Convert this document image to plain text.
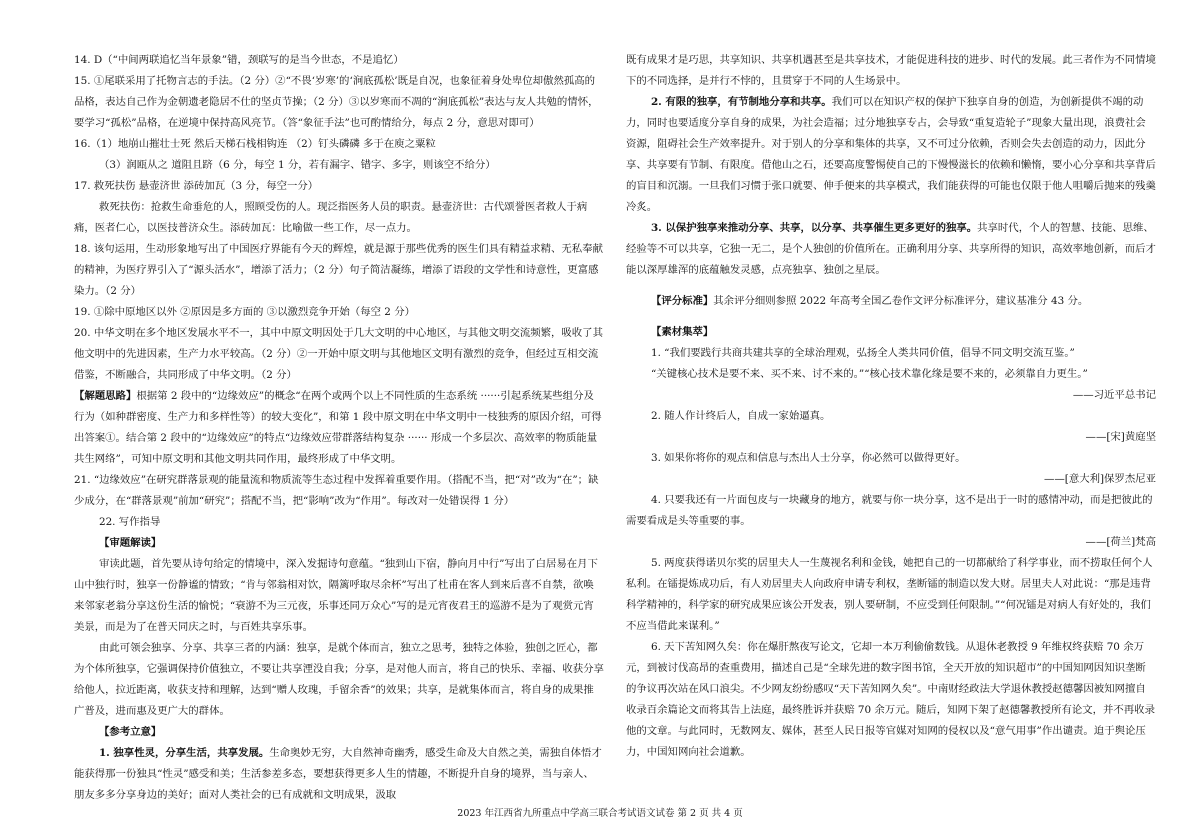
14. D（“中间两联追忆当年景象”错，颈联写的是当今世态，不是追忆）

15. ①尾联采用了托物言志的手法。（2 分）②“不畏‘岁寒’的‘涧底孤松’既是自况，也象征着身处卑位却傲然孤高的品格，表达自己作为金朝遗老隐居不仕的坚贞节操；（2 分）③以岁寒而不凋的“涧底孤松”表达与友人共勉的情怀，要学习“孤松”品格，在逆境中保持高风亮节。（答“象征手法”也可酌情给分，每点 2 分，意思对即可）

16.（1）地崩山摧壮士死 然后天梯石栈相钩连 （2）钉头磷磷 多于在庾之粟粒

（3）润瓯从之 道阻且跻（6 分，每空 1 分，若有漏字、错字、多字，则该空不给分）

17. 救死扶伤 悬壶济世 添砖加瓦（3 分，每空一分）

救死扶伤：抢救生命垂危的人，照顾受伤的人。现泛指医务人员的职责。悬壶济世：古代颂誉医者救人于病痛，医者仁心，以医技普济众生。添砖加瓦：比喻做一些工作，尽一点力。

18. 该句运用，生动形象地写出了中国医疗界能有今天的辉煌，就是源于那些优秀的医生们具有精益求精、无私奉献的精神，为医疗界引入了“源头活水”，增添了活力；（2 分）句子简洁凝练，增添了语段的文学性和诗意性，更富感染力。（2 分）

19. ①除中原地区以外 ②原因是多方面的 ③以激烈竞争开始（每空 2 分）

20. 中华文明在多个地区发展水平不一，其中中原文明因处于几大文明的中心地区，与其他文明交流频繁，吸收了其他文明中的先进因素，生产力水平较高。（2 分）②一开始中原文明与其他地区文明有激烈的竞争，但经过互相交流借鉴，不断融合，共同形成了中华文明。（2 分）

【解题思路】根据第 2 段中的“边缘效应”的概念“在两个或两个以上不同性质的生态系统 ······引起系统某些组分及行为（如种群密度、生产力和多样性等）的较大变化”，和第 1 段中原文明在中华文明中一枝独秀的原因介绍，可得出答案①。结合第 2 段中的“边缘效应”的特点“边缘效应带群落结构复杂 ······ 形成一个多层次、高效率的物质能量共生网络”，可知中原文明和其他文明共同作用，最终形成了中华文明。

21. “边缘效应”在研究群落景观的能量流和物质流等生态过程中发挥着重要作用。（搭配不当，把“对”改为“在”；缺少成分，在“群落景观”前加“研究”；搭配不当，把“影响”改为“作用”。每改对一处错误得 1 分）

22. 写作指导

【审题解读】

审读此题，首先要从诗句给定的情境中，深入发掘诗句意蕴。“独到山下宿，静向月中行”写出了白居易在月下山中独行时，独享一份静谧的情致；“肯与邻翁相对饮，隔篱呼取尽余杯”写出了杜甫在客人到来后喜不自禁，欲唤来邻家老翁分享这份生活的愉悦；“衰游不为三元夜，乐事还同万众心”写的是元宵夜君王的巡游不是为了观赏元宵美景，而是为了在普天同庆之时，与百姓共享乐事。

由此可领会独享、分享、共享三者的内涵：独享，是就个体而言，独立之思考，独特之体验，独创之匠心，都为个体所独享，它强调保持价值独立，不要让共享湮没自我；分享，是对他人而言，将自己的快乐、幸福、收获分享给他人，拉近距离，收获支持和理解，达到“赠人玫瑰，手留余香”的效果；共享，是就集体而言，将自身的成果推广普及，进而惠及更广大的群体。

【参考立意】

1. 独享性灵，分享生活，共享发展。生命奥妙无穷，大自然神奇幽秀，感受生命及大自然之美，需独自体悟才能获得那一份独具“性灵”感受和美；生活参差多态，要想获得更多人生的情趣，不断提升自身的境界，当与亲人、朋友多多分享身边的美好；面对人类社会的已有成就和文明成果，汲取

既有成果才是巧思，共享知识、共享机遇甚至是共享技术，才能促进科技的进步、时代的发展。此三者作为不同情境下的不同选择，是并行不悖的，且贯穿于不同的人生场景中。

2. 有限的独享，有节制地分享和共享。我们可以在知识产权的保护下独享自身的创造，为创新提供不竭的动力，同时也要适度分享自身的成果，为社会造福；过分地独享专占，会导致“重复造轮子”现象大量出现，浪费社会资源，阻碍社会生产效率提升。对于别人的分享和集体的共享，又不可过分依赖，否则会失去创造的动力，因此分享、共享要有节制、有限度。借他山之石，还要高度警惕使自己的下慢慢滋长的依赖和懒惰，要小心分享和共享背后的盲目和沉溺。一旦我们习惯于张口就要、伸手便来的共享模式，我们能获得的可能也仅限于他人咀嚼后抛来的残羹冷炙。

3. 以保护独享来推动分享、共享，以分享、共享催生更多更好的独享。共享时代，个人的智慧、技能、思维、经验等不可以共享，它独一无二，是个人独创的价值所在。正确利用分享、共享所得的知识，高效率地创新，而后才能以深厚雄浑的底蕴触发灵感，点亮独享、独创之星辰。

【评分标准】其余评分细则参照 2022 年高考全国乙卷作文评分标准评分，建议基准分 43 分。

【素材集萃】

1. “我们要践行共商共建共享的全球治理观，弘扬全人类共同价值，倡导不同文明交流互鉴。”

“关键核心技术是要不来、买不来、讨不来的。”“核心技术靠化缘是要不来的，必须靠自力更生。”

——习近平总书记

2. 随人作计终后人，自成一家始逼真。

——[宋]黄庭坚

3. 如果你将你的观点和信息与杰出人士分享，你必然可以做得更好。

——[意大利]保罗杰尼亚

4. 只要我还有一片面包皮与一块藏身的地方，就要与你一块分享，这不是出于一时的感情冲动，而是把彼此的需要看成是头等重要的事。

——[荷兰]梵高

5. 两度获得诺贝尔奖的居里夫人一生蔑视名利和金钱，她把自己的一切都献给了科学事业，而不捞取任何个人私利。在镭提炼成功后，有人劝居里夫人向政府申请专利权，垄断镭的制造以发大财。居里夫人对此说：“那是违背科学精神的，科学家的研究成果应该公开发表，别人要研制，不应受到任何限制。”“何况镭是对病人有好处的，我们不应当借此来谋利。”

6. 天下苦知网久矣：你在爆肝熬夜写论文，它却一本万利偷偷数钱。从退休老教授 9 年维权终获赔 70 余万元，到被讨伐高昂的查重费用，描述自己是“全球先进的数字图书馆，全天开放的知识超市”的中国知网因知识垄断的争议再次站在风口浪尖。不少网友纷纷感叹“天下苦知网久矣”。中南财经政法大学退休教授赵德馨因被知网擅自收录百余篇论文而将其告上法庭，最终胜诉并获赔 70 余万元。随后，知网下架了赵德馨教授所有论文，并不再收录他的文章。与此同时，无数网友、媒体，甚至人民日报等官媒对知网的侵权以及“意气用事”作出谴责。迫于舆论压力，中国知网向社会道歉。

2023 年江西省九所重点中学高三联合考试语文试卷 第 2 页 共 4 页
